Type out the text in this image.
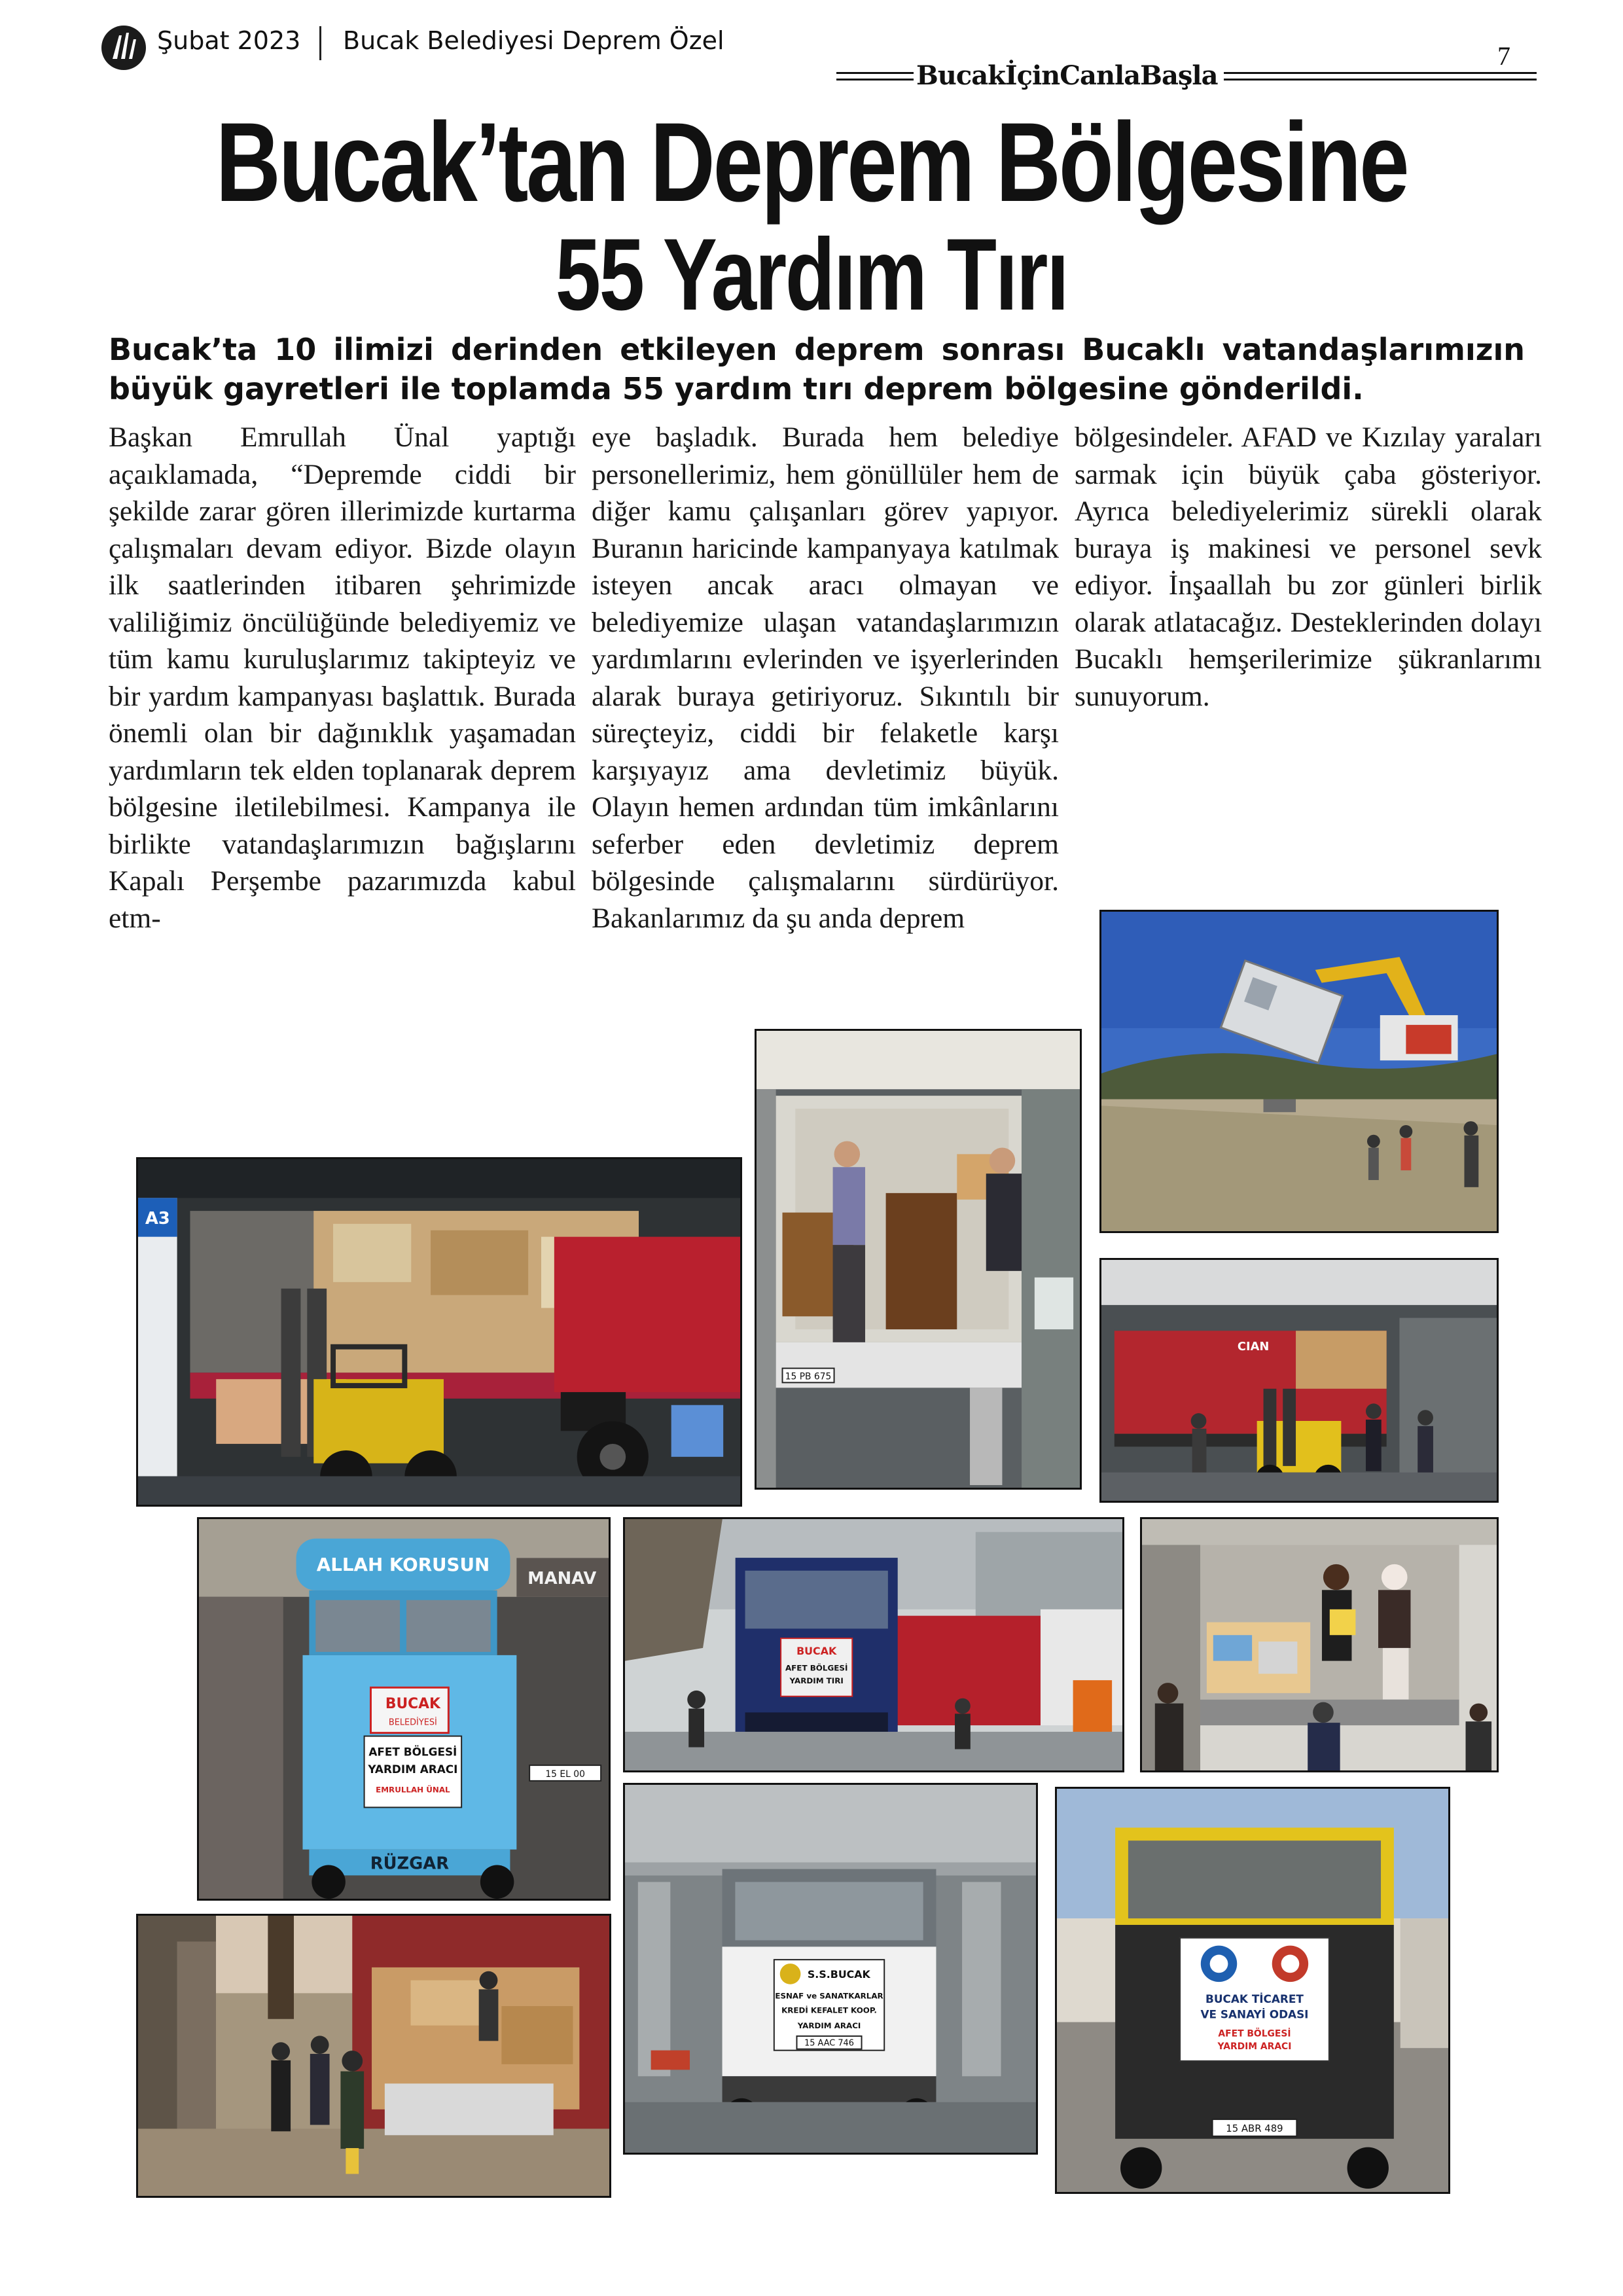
Şubat 2023 Bucak Belediyesi Deprem Özel
7
BucakİçinCanlaBaşla
Bucak’tan Deprem Bölgesine
55 Yardım Tırı
Bucak’ta 10 ilimizi derinden etkileyen deprem sonrası Bucaklı vatandaşlarımızın büyük gayretleri ile toplamda 55 yardım tırı deprem bölgesine gönderildi.
Başkan Emrullah Ünal yaptığı açaıklamada, “Depremde ciddi bir şekilde zarar gören illerimizde kurtarma çalışmaları devam ediyor. Bizde olayın ilk saatlerinden itibaren şehrimizde valiliğimiz öncülüğünde belediyemiz ve tüm kamu kuruluşlarımız takipteyiz ve bir yardım kampanyası başlattık. Burada önemli olan bir dağınıklık yaşamadan yardımların tek elden toplanarak deprem bölgesine iletilebilmesi. Kampanya ile birlikte vatandaşlarımızın bağışlarını Kapalı Perşembe pazarımızda kabul etm-
eye başladık. Burada hem belediye personellerimiz, hem gönüllüler hem de diğer kamu çalışanları görev yapıyor. Buranın haricinde kampanyaya katılmak isteyen ancak aracı olmayan ve belediyemize ulaşan vatandaşlarımızın yardımlarını evlerinden ve işyerlerinden alarak buraya getiriyoruz. Sıkıntılı bir süreçteyiz, ciddi bir felaketle karşı karşıyayız ama devletimiz büyük. Olayın hemen ardından tüm imkânlarını seferber eden devletimiz deprem bölgesinde çalışmalarını sürdürüyor. Bakanlarımız da şu anda deprem
bölgesindeler. AFAD ve Kızılay yaraları sarmak için büyük çaba gösteriyor. Ayrıca belediyelerimiz sürekli olarak buraya iş makinesi ve personel sevk ediyor. İnşaallah bu zor günleri birlik olarak atlatacağız. Desteklerinden dolayı Bucaklı hemşerilerimize şükranlarımı sunuyorum.
15 PB 675
A3
CIAN
MANAV
ALLAH KORUSUN
BUCAK
BELEDİYESİ
AFET BÖLGESİ
YARDIM ARACI
EMRULLAH ÜNAL
15 EL 00
RÜZGAR
BUCAK
AFET BÖLGESİ
YARDIM TIRI
S.S.BUCAK
ESNAF ve SANATKARLAR
KREDİ KEFALET KOOP.
YARDIM ARACI
15 AAC 746
BUCAK TİCARET
VE SANAYİ ODASI
AFET BÖLGESİ
YARDIM ARACI
15 ABR 489
